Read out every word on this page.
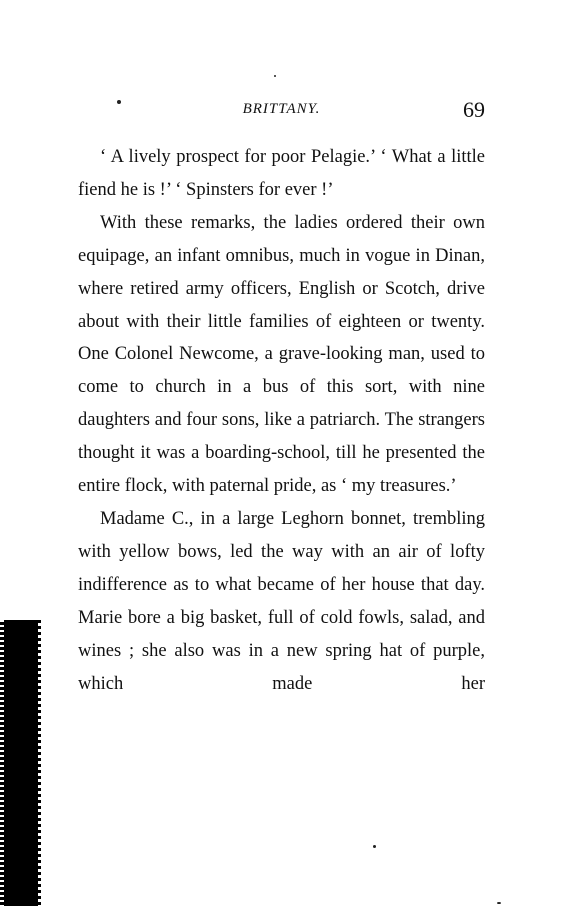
BRITTANY.	69

‘ A lively prospect for poor Pelagie.’ ‘ What a little fiend he is !’ ‘ Spinsters for ever !’

With these remarks, the ladies ordered their own equipage, an infant omnibus, much in vogue in Dinan, where retired army officers, English or Scotch, drive about with their little families of eighteen or twenty. One Colonel Newcome, a grave-looking man, used to come to church in a bus of this sort, with nine daughters and four sons, like a patriarch. The strangers thought it was a boarding-school, till he presented the entire flock, with paternal pride, as ‘ my treasures.’

Madame C., in a large Leghorn bonnet, trembling with yellow bows, led the way with an air of lofty indifference as to what became of her house that day. Marie bore a big basket, full of cold fowls, salad, and wines ; she also was in a new spring hat of purple, which made her
